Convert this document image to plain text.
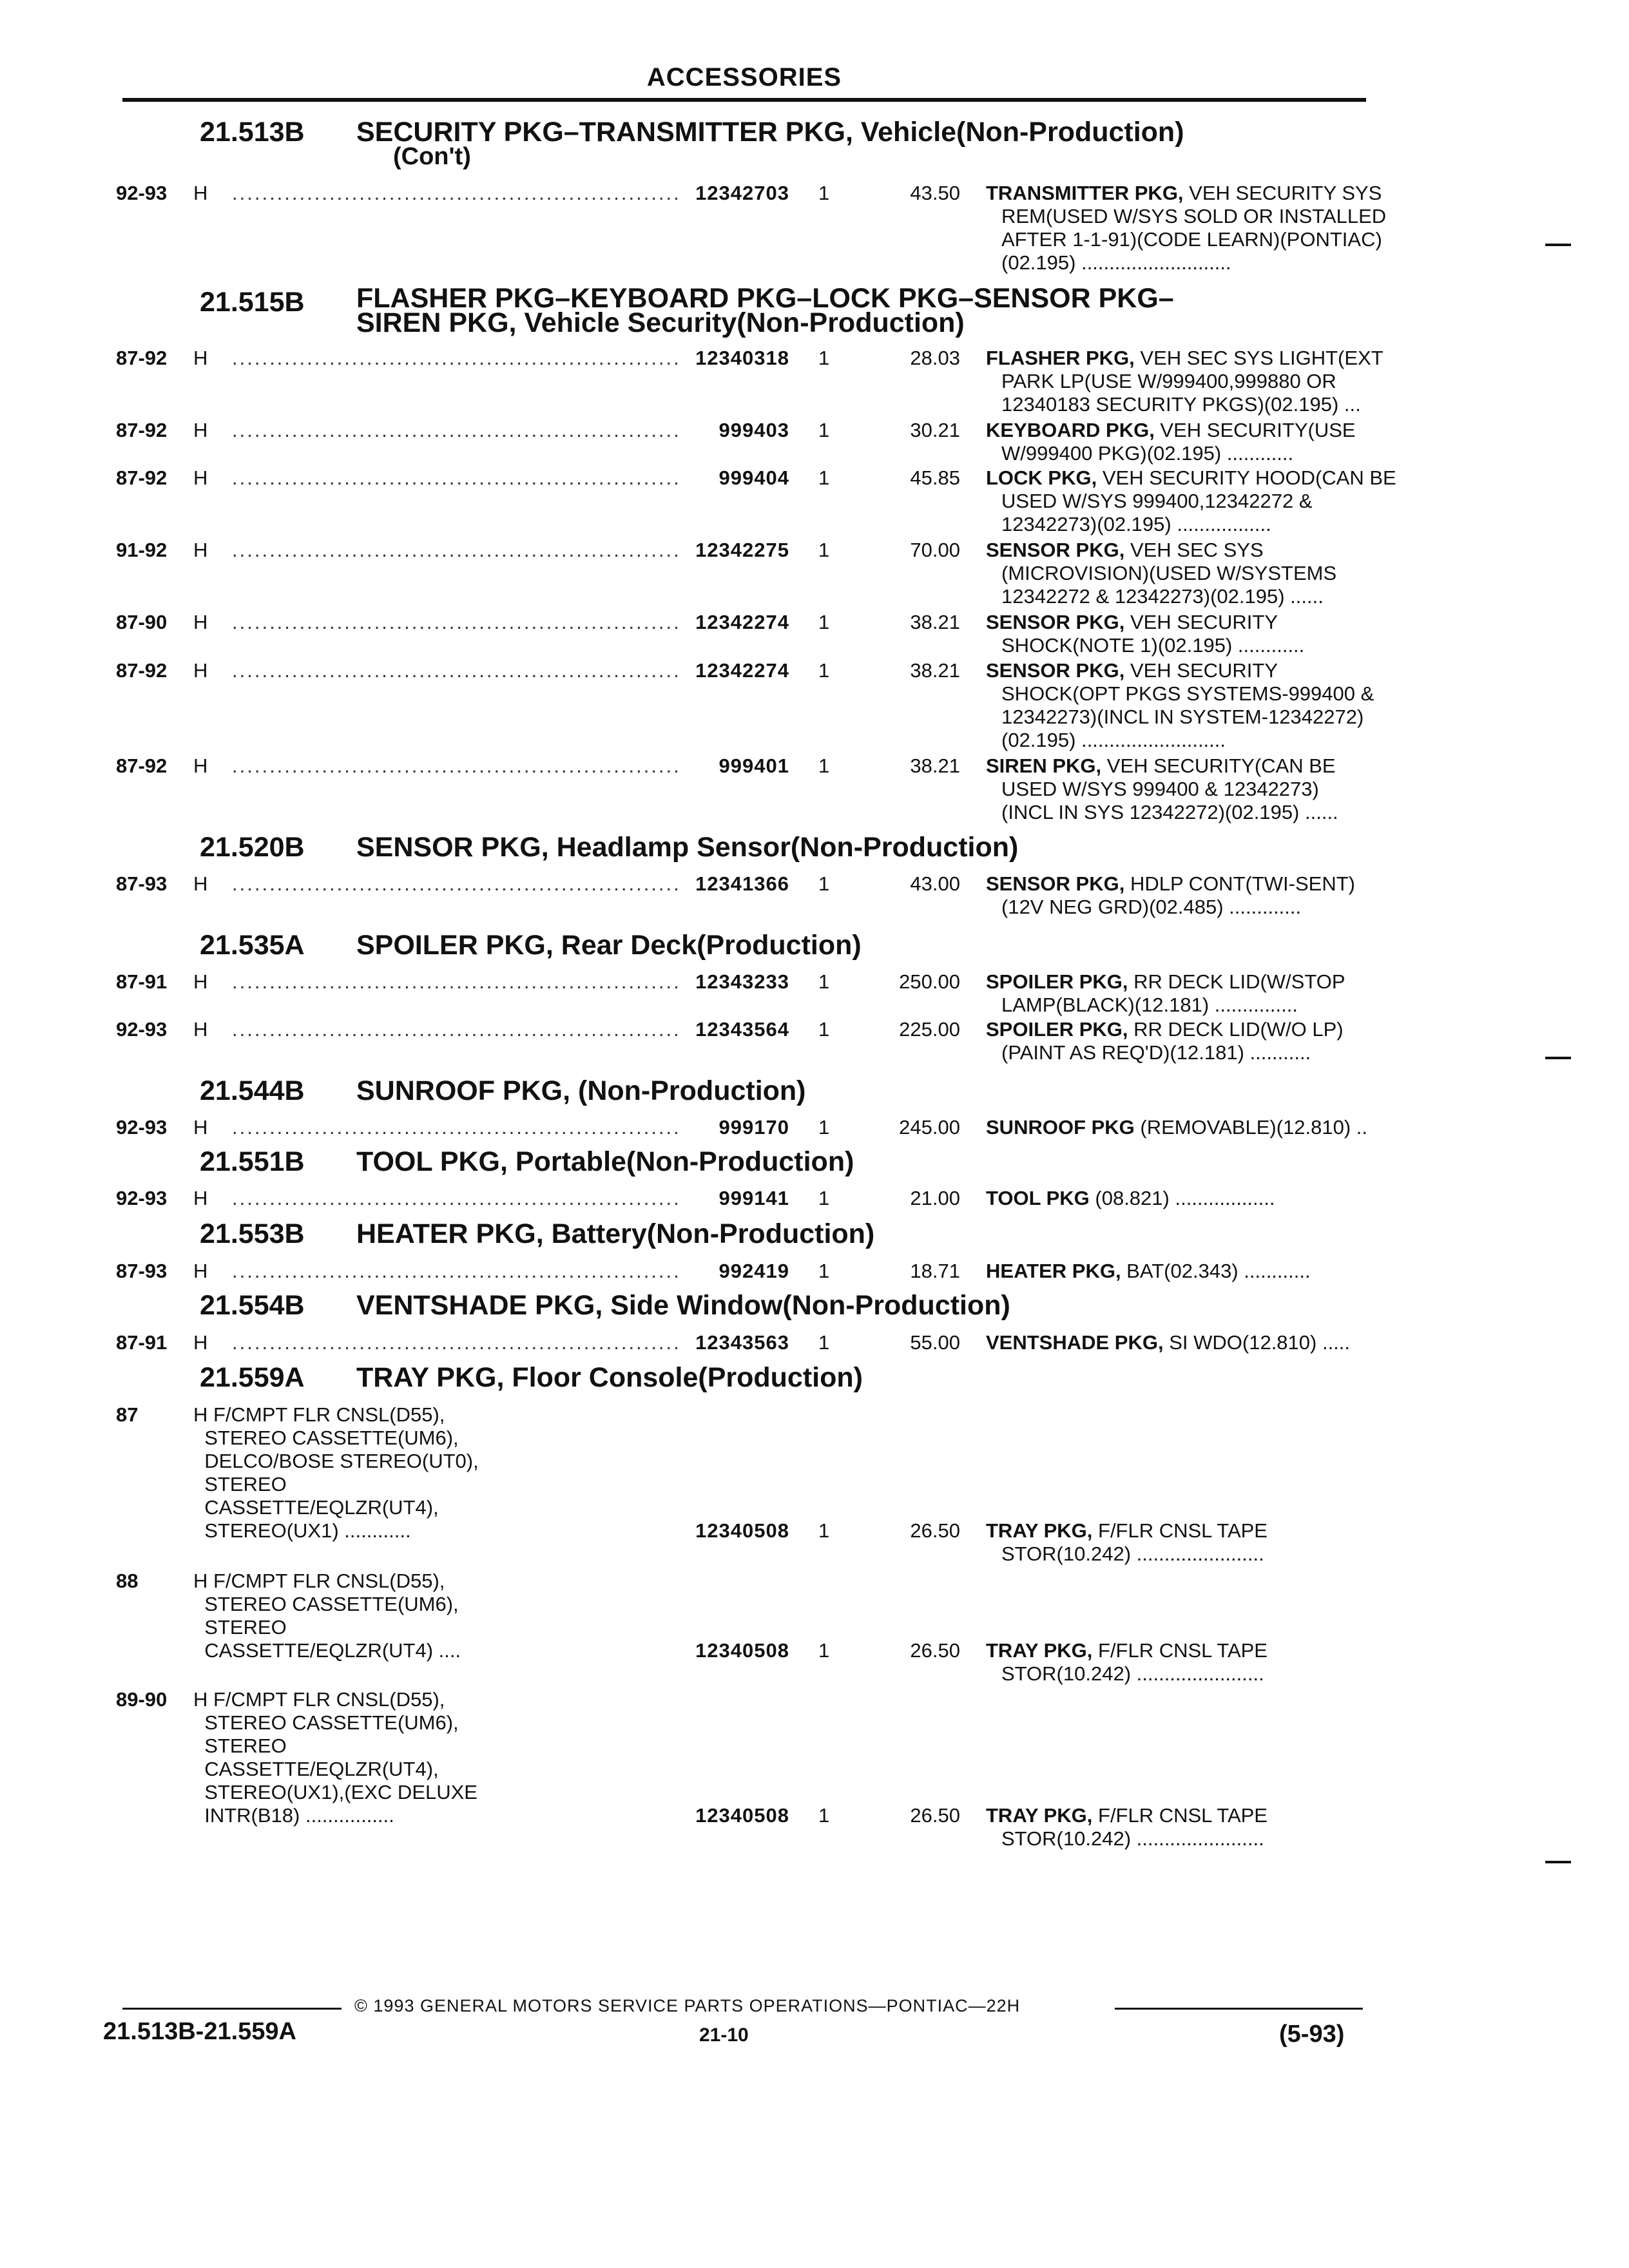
ACCESSORIES
21.513B	SECURITY PKG–TRANSMITTER PKG, Vehicle(Non-Production)
(Con't)
21.515B	FLASHER PKG–KEYBOARD PKG–LOCK PKG–SENSOR PKG–
SIREN PKG, Vehicle Security(Non-Production)
21.520B	SENSOR PKG, Headlamp Sensor(Non-Production)
21.535A	SPOILER PKG, Rear Deck(Production)
21.544B	SUNROOF PKG, (Non-Production)
21.551B	TOOL PKG, Portable(Non-Production)
21.553B	HEATER PKG, Battery(Non-Production)
21.554B	VENTSHADE PKG, Side Window(Non-Production)
21.559A	TRAY PKG, Floor Console(Production)
92-93 H ............................................................ 12342703 1	43.50 TRANSMITTER PKG, VEH SECURITY SYS
REM(USED W/SYS SOLD OR INSTALLED
AFTER 1-1-91)(CODE LEARN)(PONTIAC)
(02.195) ...........................
87-92 H ............................................................ 12340318 1	28.03 FLASHER PKG, VEH SEC SYS LIGHT(EXT
PARK LP(USE W/999400,999880 OR
12340183 SECURITY PKGS)(02.195) ...
87-92 H ............................................................	999403 1	30.21 KEYBOARD PKG, VEH SECURITY(USE
W/999400 PKG)(02.195) ............
87-92 H ............................................................	999404 1	45.85 LOCK PKG, VEH SECURITY HOOD(CAN BE
USED W/SYS 999400,12342272 &
12342273)(02.195) .................
91-92 H ............................................................ 12342275 1	70.00 SENSOR PKG, VEH SEC SYS
(MICROVISION)(USED W/SYSTEMS
12342272 & 12342273)(02.195) ......
87-90 H ............................................................ 12342274 1	38.21 SENSOR PKG, VEH SECURITY
SHOCK(NOTE 1)(02.195) ............
87-92 H ............................................................ 12342274 1	38.21 SENSOR PKG, VEH SECURITY
SHOCK(OPT PKGS SYSTEMS-999400 &
12342273)(INCL IN SYSTEM-12342272)
(02.195) ..........................
87-92 H ............................................................	999401 1	38.21 SIREN PKG, VEH SECURITY(CAN BE
USED W/SYS 999400 & 12342273)
(INCL IN SYS 12342272)(02.195) ......
87-93 H ............................................................ 12341366 1	43.00 SENSOR PKG, HDLP CONT(TWI-SENT)
(12V NEG GRD)(02.485) .............
87-91 H ............................................................ 12343233 1	250.00 SPOILER PKG, RR DECK LID(W/STOP
LAMP(BLACK)(12.181) ...............
92-93 H ............................................................ 12343564 1	225.00 SPOILER PKG, RR DECK LID(W/O LP)
(PAINT AS REQ'D)(12.181) ...........
92-93 H ............................................................	999170 1	245.00 SUNROOF PKG (REMOVABLE)(12.810) ..
92-93 H ............................................................	999141 1	21.00 TOOL PKG (08.821) ..................
87-93 H ............................................................	992419 1	18.71 HEATER PKG, BAT(02.343) ............
87-91 H ............................................................ 12343563 1	55.00 VENTSHADE PKG, SI WDO(12.810) .....
87	H F/CMPT FLR CNSL(D55),
STEREO CASSETTE(UM6),
DELCO/BOSE STEREO(UT0),
STEREO
CASSETTE/EQLZR(UT4),
STEREO(UX1) ............	12340508 1	26.50 TRAY PKG, F/FLR CNSL TAPE
STOR(10.242) .......................
88	H F/CMPT FLR CNSL(D55),
STEREO CASSETTE(UM6),
STEREO
CASSETTE/EQLZR(UT4) ....	12340508 1	26.50 TRAY PKG, F/FLR CNSL TAPE
STOR(10.242) .......................
89-90 H F/CMPT FLR CNSL(D55),
STEREO CASSETTE(UM6),
STEREO
CASSETTE/EQLZR(UT4),
STEREO(UX1),(EXC DELUXE
INTR(B18) ................	12340508 1	26.50 TRAY PKG, F/FLR CNSL TAPE
STOR(10.242) .......................
© 1993 GENERAL MOTORS SERVICE PARTS OPERATIONS—PONTIAC—22H
21.513B-21.559A	21-10	(5-93)
